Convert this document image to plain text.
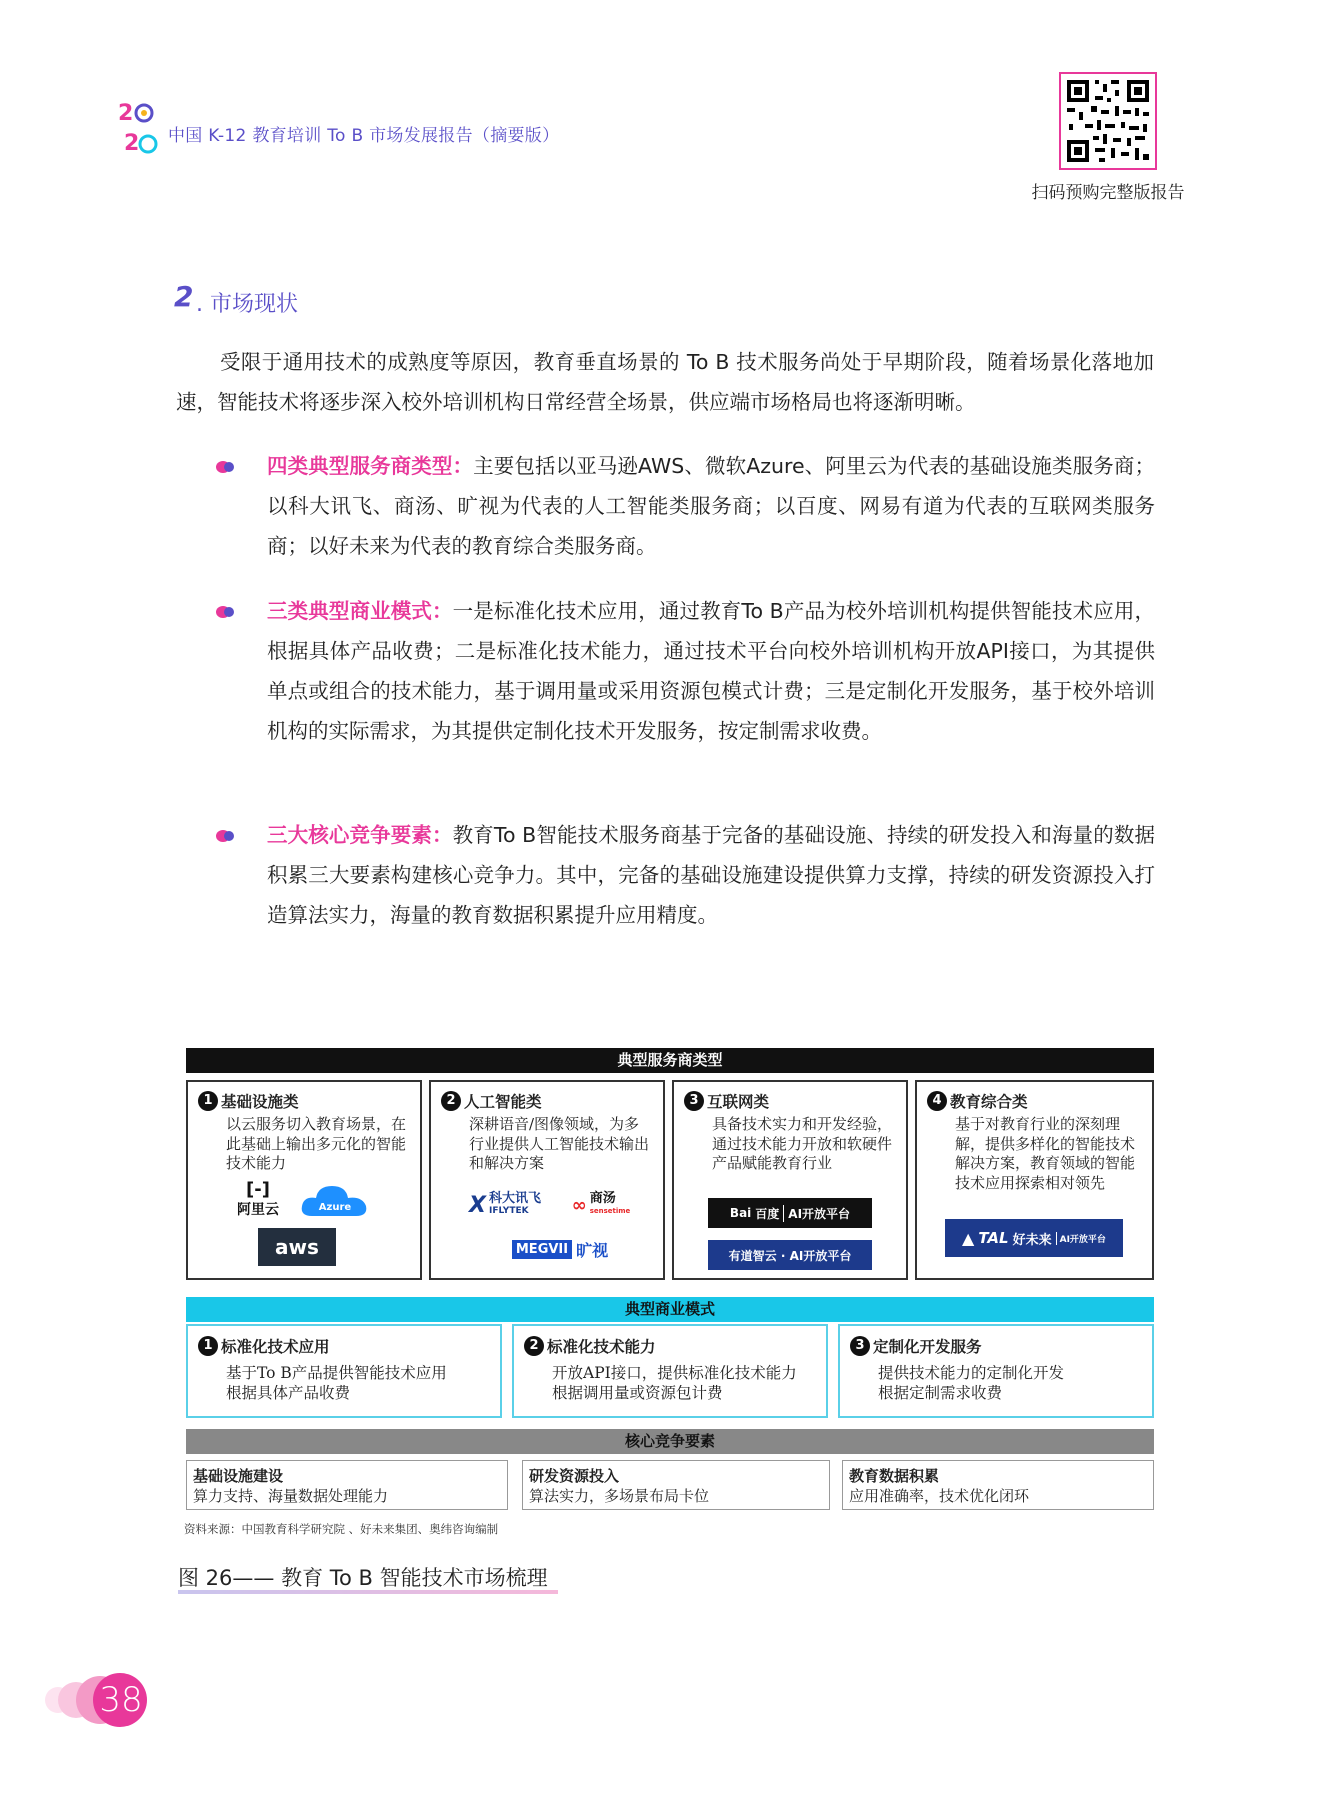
2
2 中国 K-12 教育培训 To B 市场发展报告（摘要版）
扫码预购完整版报告
2 . 市场现状
受限于通用技术的成熟度等原因，教育垂直场景的 To B 技术服务尚处于早期阶段，随着场景化落地加速，智能技术将逐步深入校外培训机构日常经营全场景，供应端市场格局也将逐渐明晰。
四类典型服务商类型：主要包括以亚马逊AWS、微软Azure、阿里云为代表的基础设施类服务商；以科大讯飞、商汤、旷视为代表的人工智能类服务商；以百度、网易有道为代表的互联网类服务商；以好未来为代表的教育综合类服务商。
三类典型商业模式：一是标准化技术应用，通过教育To B产品为校外培训机构提供智能技术应用，根据具体产品收费；二是标准化技术能力，通过技术平台向校外培训机构开放API接口，为其提供单点或组合的技术能力，基于调用量或采用资源包模式计费；三是定制化开发服务，基于校外培训机构的实际需求，为其提供定制化技术开发服务，按定制需求收费。
三大核心竞争要素：教育To B智能技术服务商基于完备的基础设施、持续的研发投入和海量的数据积累三大要素构建核心竞争力。其中，完备的基础设施建设提供算力支撑，持续的研发资源投入打造算法实力，海量的教育数据积累提升应用精度。
典型服务商类型
1 基础设施类
以云服务切入教育场景，在此基础上输出多元化的智能技术能力
[-]
阿里云	Azure
aws
2 人工智能类
深耕语音/图像领域，为多行业提供人工智能技术输出和解决方案
X 科大讯飞
IFLYTEK	∞ 商汤
sensetime
MEGVII 旷视
3 互联网类
具备技术实力和开发经验，通过技术能力开放和软硬件产品赋能教育行业
Bai 百度 AI开放平台
有道智云 · AI开放平台
4 教育综合类
基于对教育行业的深刻理解，提供多样化的智能技术解决方案，教育领域的智能技术应用探索相对领先
▲ TAL 好未来 AI开放平台
典型商业模式
1 标准化技术应用
基于To B产品提供智能技术应用
根据具体产品收费
2 标准化技术能力
开放API接口，提供标准化技术能力
根据调用量或资源包计费
3 定制化开发服务
提供技术能力的定制化开发
根据定制需求收费
核心竞争要素
基础设施建设
算力支持、海量数据处理能力
研发资源投入
算法实力，多场景布局卡位
教育数据积累
应用准确率，技术优化闭环
资料来源：中国教育科学研究院 、好未来集团、奥纬咨询编制
图 26—— 教育 To B 智能技术市场梳理
38
